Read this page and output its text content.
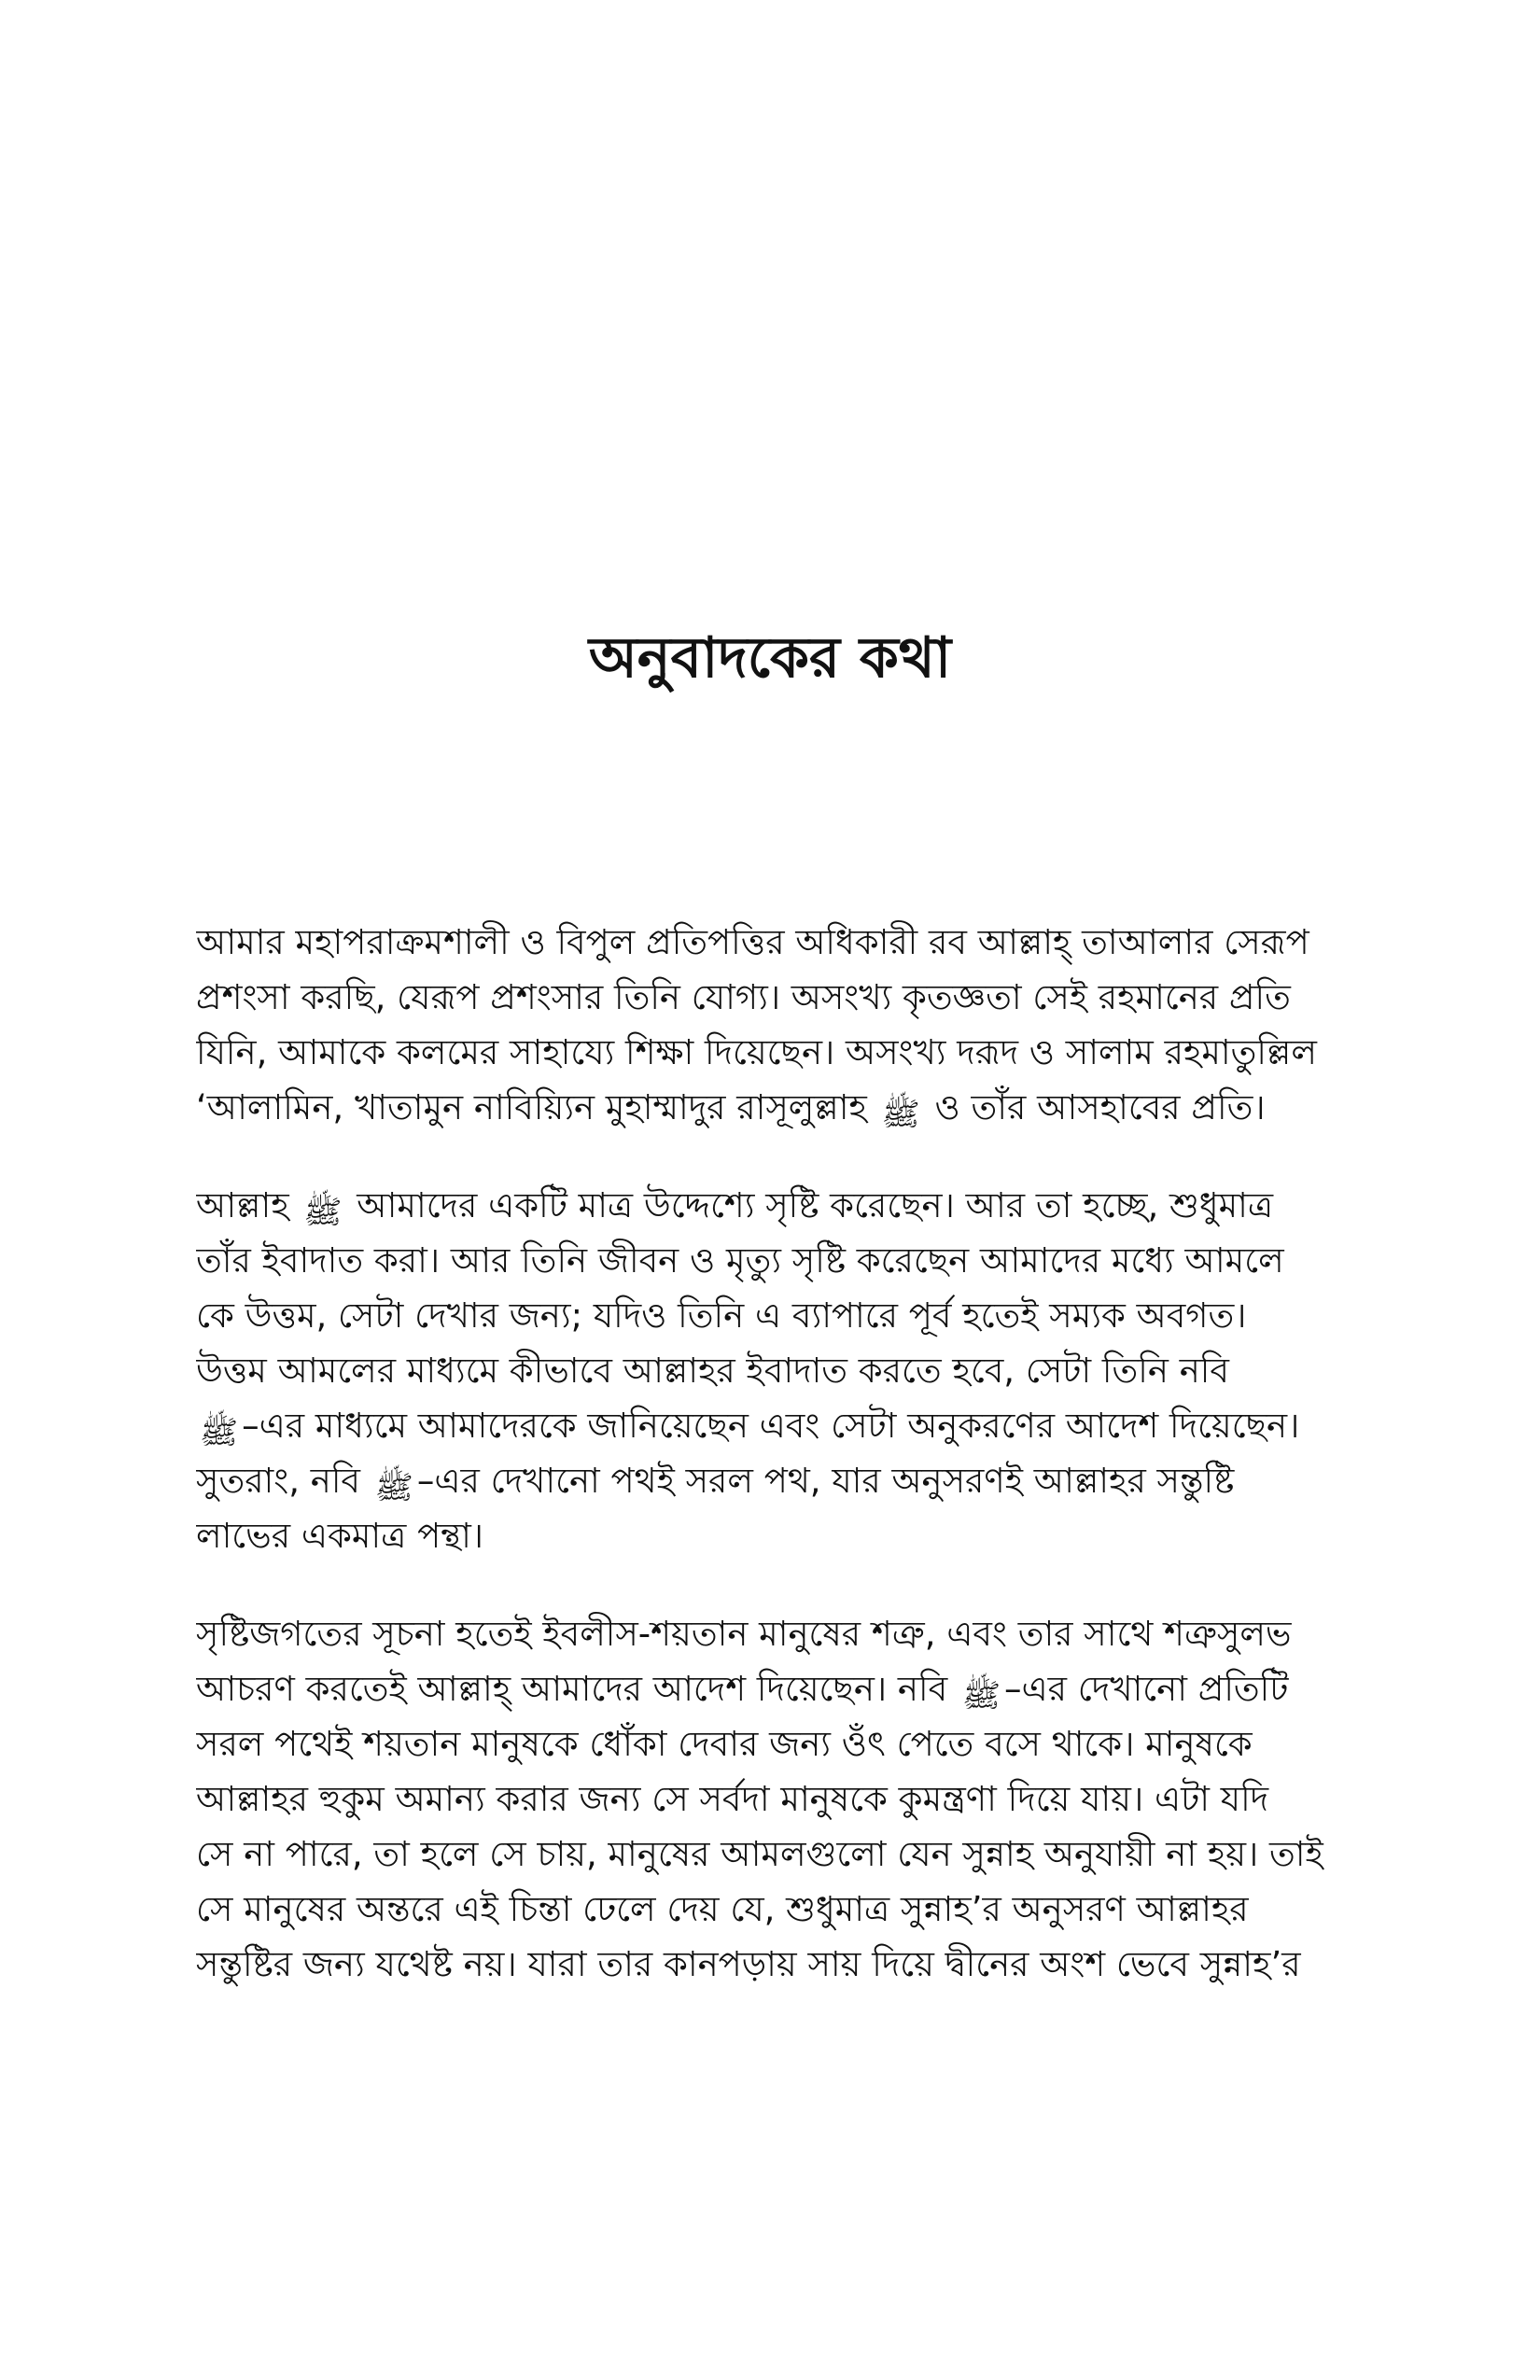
অনুবাদকের কথা

আমার মহাপরাক্রমশালী ও বিপুল প্রতিপত্তির অধিকারী রব আল্লাহ্ তাআলার সেরূপ
প্রশংসা করছি, যেরূপ প্রশংসার তিনি যোগ্য। অসংখ্য কৃতজ্ঞতা সেই রহমানের প্রতি
যিনি, আমাকে কলমের সাহায্যে শিক্ষা দিয়েছেন। অসংখ্য দরূদ ও সালাম রহমাতুল্লিল
‘আলামিন, খাতামুন নাবিয়্যিন মুহাম্মাদুর রাসূলুল্লাহ ﷺ ও তাঁর আসহাবের প্রতি।

আল্লাহ ﷺ আমাদের একটি মাত্র উদ্দেশ্যে সৃষ্টি করেছেন। আর তা হচ্ছে, শুধুমাত্র
তাঁর ইবাদাত করা। আর তিনি জীবন ও মৃত্যু সৃষ্টি করেছেন আমাদের মধ্যে আমলে
কে উত্তম, সেটা দেখার জন্য; যদিও তিনি এ ব্যাপারে পূর্ব হতেই সম্যক অবগত।
উত্তম আমলের মাধ্যমে কীভাবে আল্লাহর ইবাদাত করতে হবে, সেটা তিনি নবি
ﷺ –এর মাধ্যমে আমাদেরকে জানিয়েছেন এবং সেটা অনুকরণের আদেশ দিয়েছেন।
সুতরাং, নবি ﷺ –এর দেখানো পথই সরল পথ, যার অনুসরণই আল্লাহর সন্তুষ্টি
লাভের একমাত্র পন্থা।

সৃষ্টিজগতের সূচনা হতেই ইবলীস-শয়তান মানুষের শত্রু, এবং তার সাথে শত্রুসুলভ
আচরণ করতেই আল্লাহ্ আমাদের আদেশ দিয়েছেন। নবি ﷺ –এর দেখানো প্রতিটি
সরল পথেই শয়তান মানুষকে ধোঁকা দেবার জন্য ওঁৎ পেতে বসে থাকে। মানুষকে
আল্লাহর হুকুম অমান্য করার জন্য সে সর্বদা মানুষকে কুমন্ত্রণা দিয়ে যায়। এটা যদি
সে না পারে, তা হলে সে চায়, মানুষের আমলগুলো যেন সুন্নাহ অনুযায়ী না হয়। তাই
সে মানুষের অন্তরে এই চিন্তা ঢেলে দেয় যে, শুধুমাত্র সুন্নাহ’র অনুসরণ আল্লাহর
সন্তুষ্টির জন্য যথেষ্ট নয়। যারা তার কানপড়ায় সায় দিয়ে দ্বীনের অংশ ভেবে সুন্নাহ’র
